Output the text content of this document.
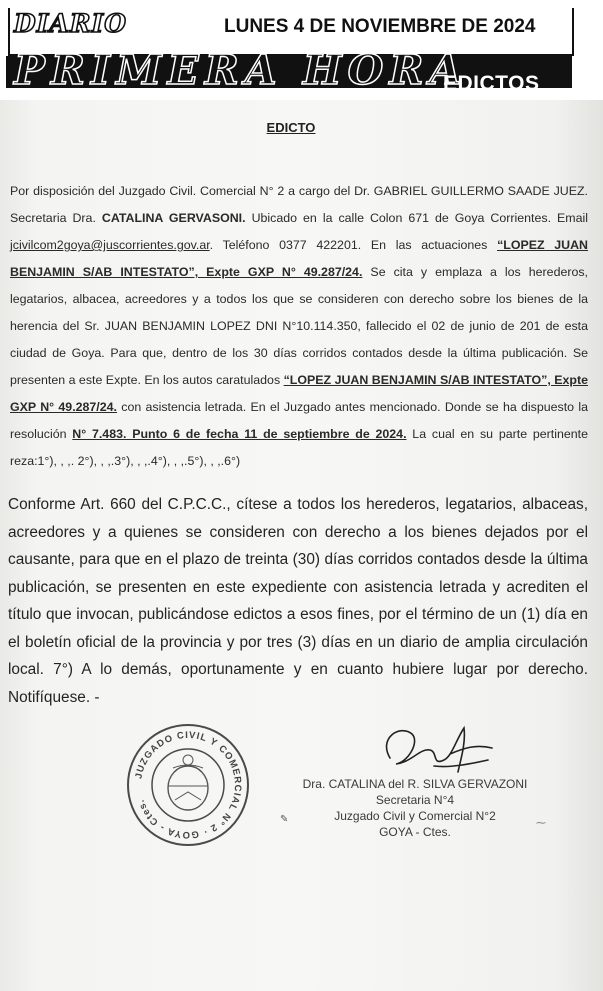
DIARIO	LUNES 4 DE NOVIEMBRE DE 2024
PRIMERA HORA
EDICTOS
EDICTO

Por disposición del Juzgado Civil. Comercial N° 2 a cargo del Dr. GABRIEL GUILLERMO SAADE JUEZ. Secretaria Dra. CATALINA GERVASONI. Ubicado en la calle Colon 671 de Goya Corrientes. Email jcivilcom2goya@juscorrientes.gov.ar. Teléfono 0377 422201. En las actuaciones “LOPEZ JUAN BENJAMIN S/AB INTESTATO”, Expte GXP N° 49.287/24. Se cita y emplaza a los herederos, legatarios, albacea, acreedores y a todos los que se consideren con derecho sobre los bienes de la herencia del Sr. JUAN BENJAMIN LOPEZ DNI N°10.114.350, fallecido el 02 de junio de 201 de esta ciudad de Goya. Para que, dentro de los 30 días corridos contados desde la última publicación. Se presenten a este Expte. En los autos caratulados “LOPEZ JUAN BENJAMIN S/AB INTESTATO”, Expte GXP N° 49.287/24. con asistencia letrada. En el Juzgado antes mencionado. Donde se ha dispuesto la resolución N° 7.483. Punto 6 de fecha 11 de septiembre de 2024. La cual en su parte pertinente reza:1°), , ,. 2°), , ,.3°), , ,.4°), , ,.5°), , ,.6°)

Conforme Art. 660 del C.P.C.C., cítese a todos los herederos, legatarios, albaceas, acreedores y a quienes se consideren con derecho a los bienes dejados por el causante, para que en el plazo de treinta (30) días corridos contados desde la última publicación, se presenten en este expediente con asistencia letrada y acrediten el título que invocan, publicándose edictos a esos fines, por el término de un (1) día en el boletín oficial de la provincia y por tres (3) días en un diario de amplia circulación local. 7°) A lo demás, oportunamente y en cuanto hubiere lugar por derecho. Notifíquese. -

JUZGADO CIVIL Y COMERCIAL N° 2 · GOYA - Ctes.
Dra. CATALINA del R. SILVA GERVAZONI
Secretaria N°4
Juzgado Civil y Comercial N°2
GOYA - Ctes.
✎	⁓
